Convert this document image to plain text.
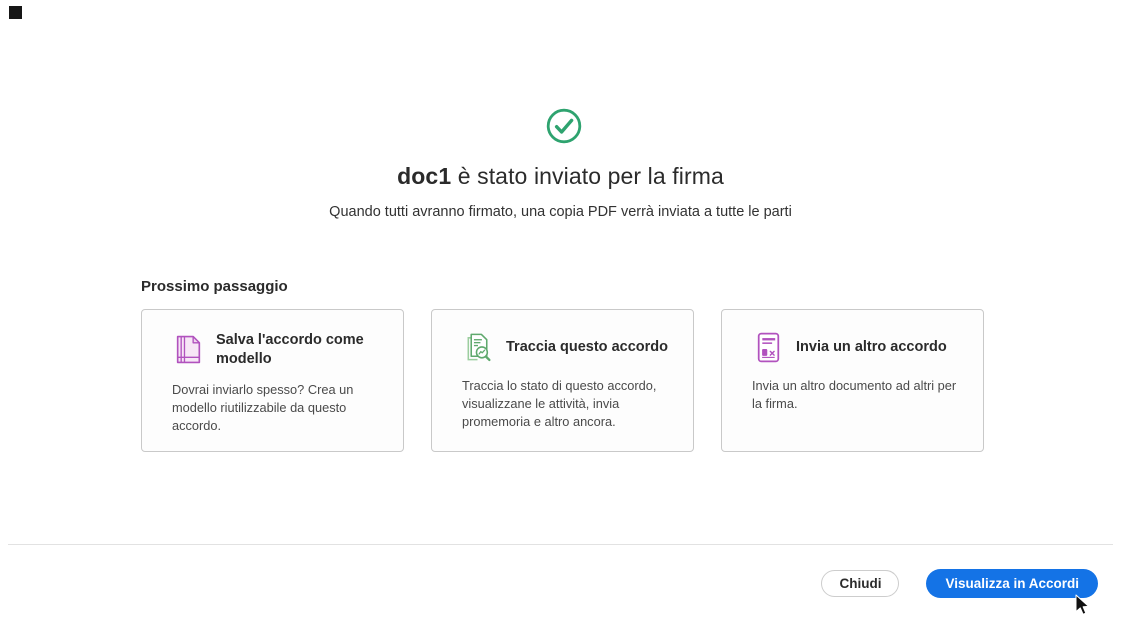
doc1 è stato inviato per la firma
Quando tutti avranno firmato, una copia PDF verrà inviata a tutte le parti
Prossimo passaggio
Salva l'accordo come modello
Dovrai inviarlo spesso? Crea un modello riutilizzabile da questo accordo.
Traccia questo accordo
Traccia lo stato di questo accordo, visualizzane le attività, invia promemoria e altro ancora.
Invia un altro accordo
Invia un altro documento ad altri per la firma.
Chiudi	Visualizza in Accordi
